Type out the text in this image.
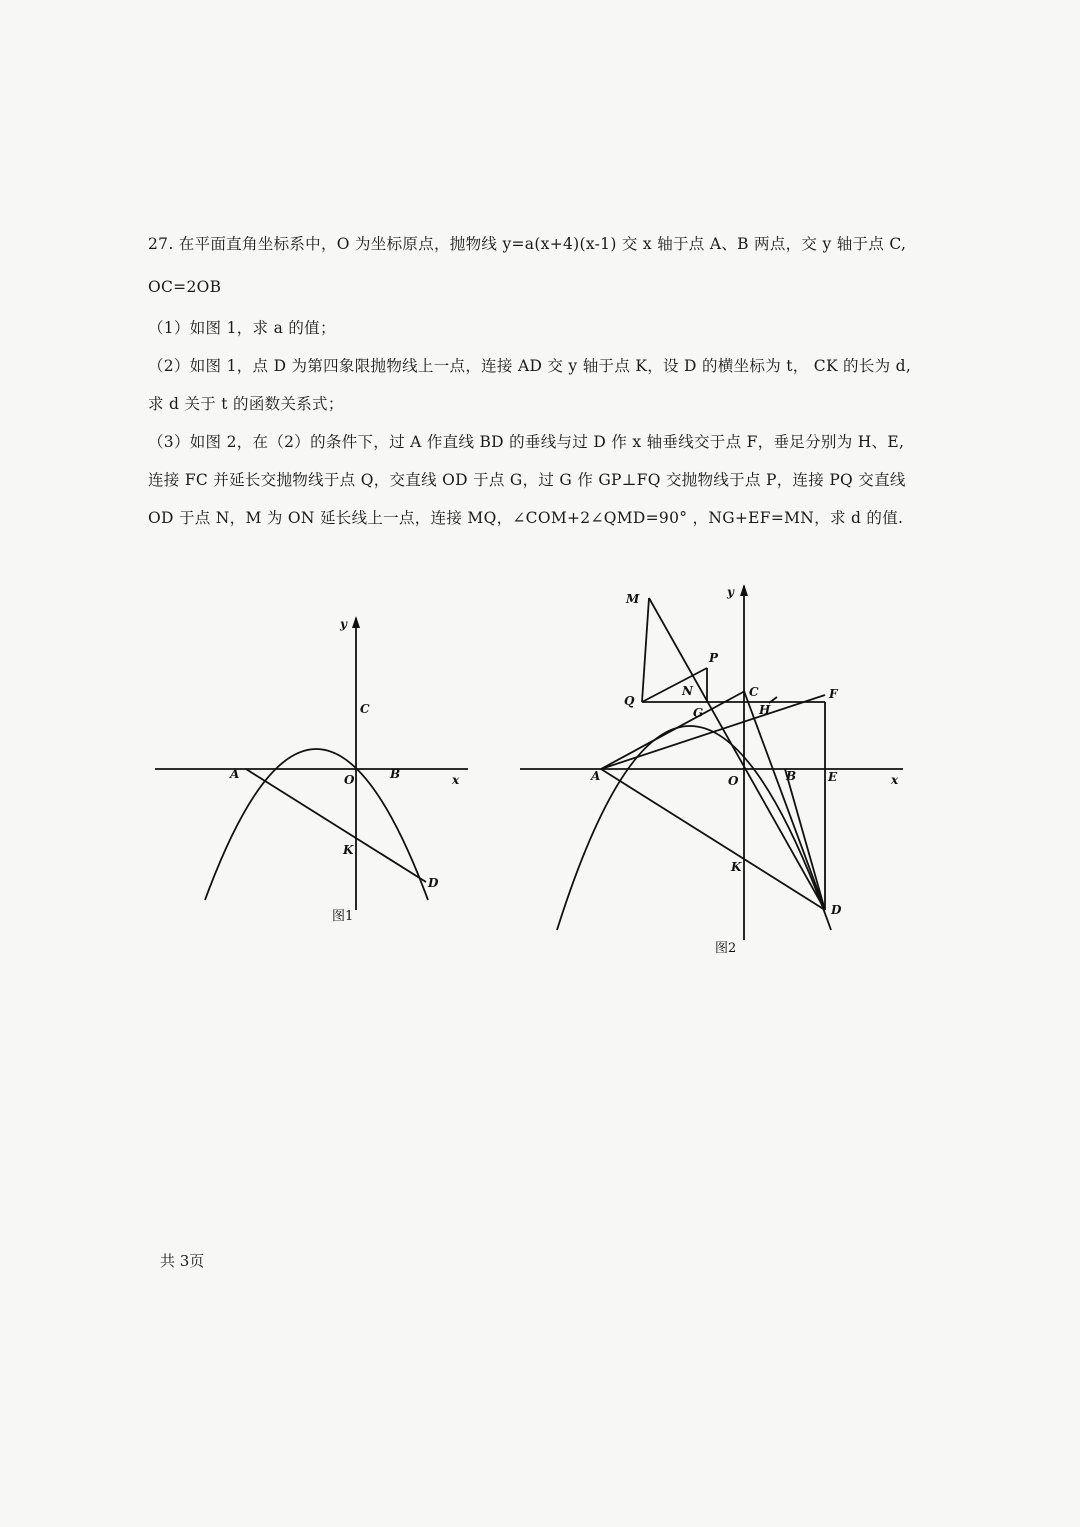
27. 在平面直角坐标系中，O 为坐标原点，抛物线 y=a(x+4)(x-1) 交 x 轴于点 A、B 两点，交 y 轴于点 C,
OC=2OB
（1）如图 1，求 a 的值；
（2）如图 1，点 D 为第四象限抛物线上一点，连接 AD 交 y 轴于点 K，设 D 的横坐标为 t， CK 的长为 d,
求 d 关于 t 的函数关系式；
（3）如图 2，在（2）的条件下，过 A 作直线 BD 的垂线与过 D 作 x 轴垂线交于点 F，垂足分别为 H、E,
连接 FC 并延长交抛物线于点 Q，交直线 OD 于点 G，过 G 作 GP⊥FQ 交抛物线于点 P，连接 PQ 交直线
OD 于点 N，M 为 ON 延长线上一点，连接 MQ，∠COM+2∠QMD=90° ，NG+EF=MN，求 d 的值.
y
x
O
A	B
C
K
D
图1
y
x
O
A	B
C
K
D
M
P
N
Q
G	H
F
E
图2
共 3页
